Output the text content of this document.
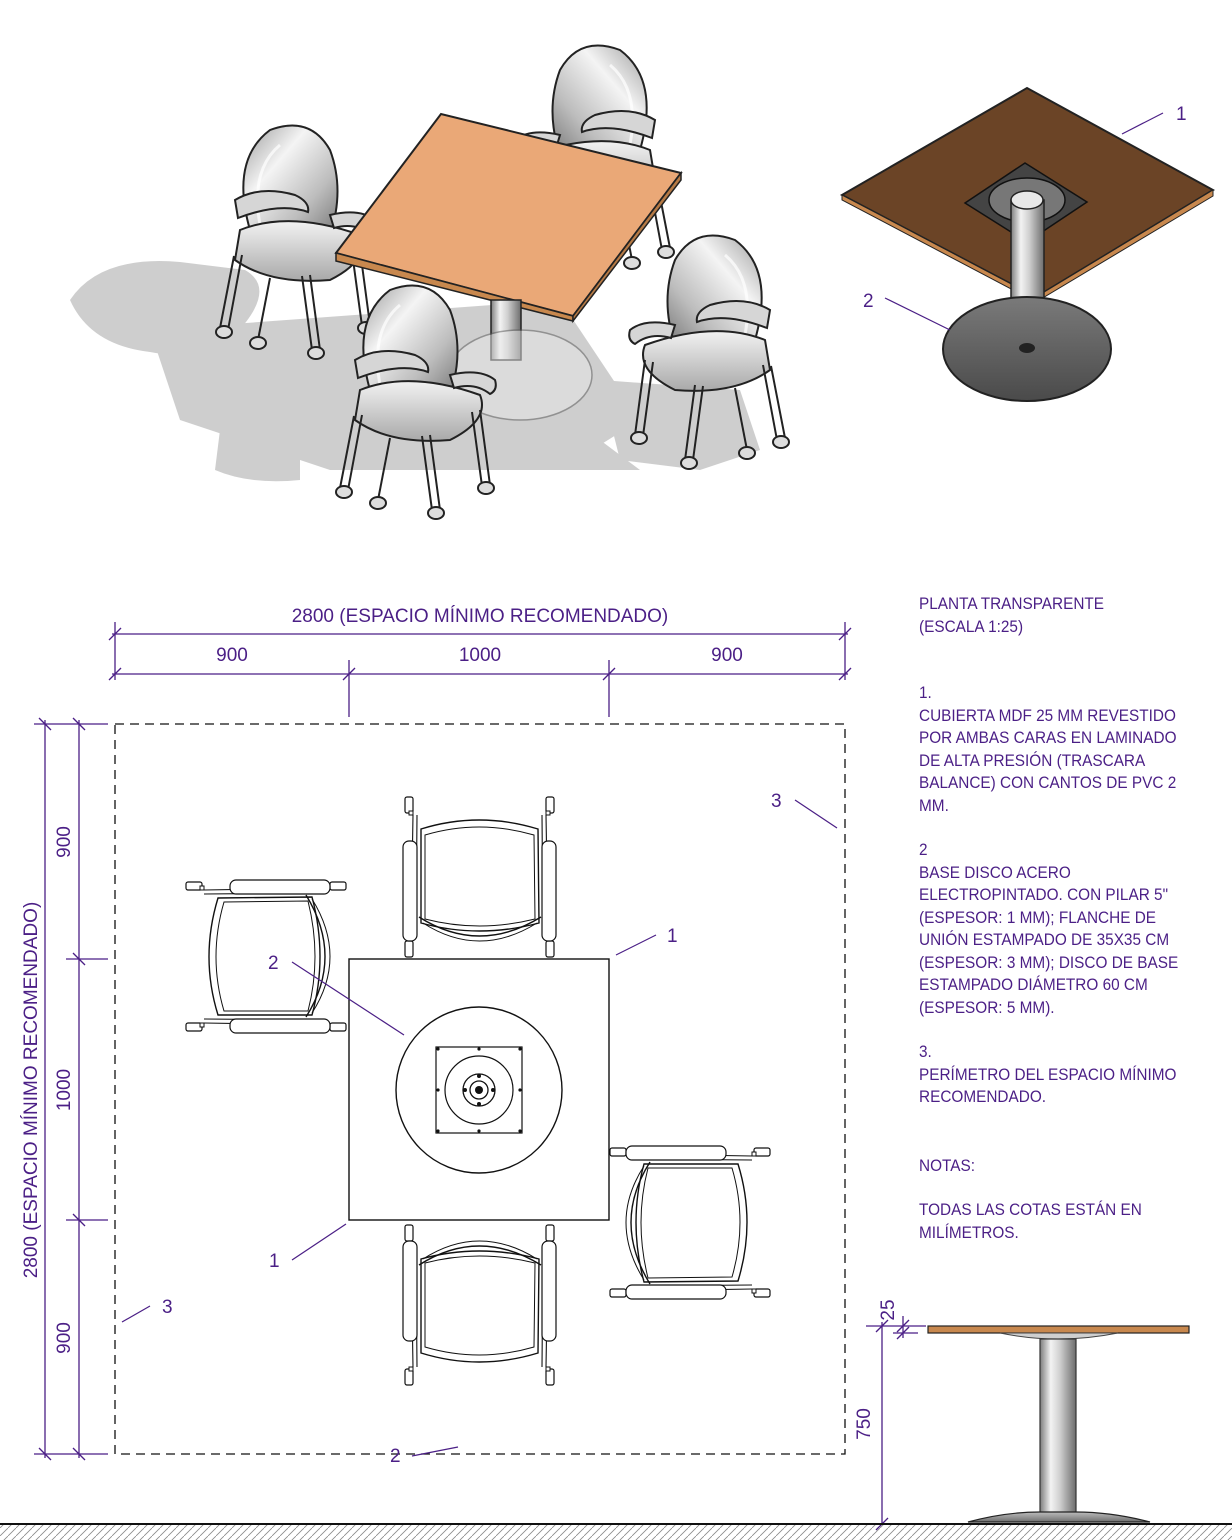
1
2
2800 (ESPACIO MÍNIMO RECOMENDADO)
900	1000	900
2800 (ESPACIO MÍNIMO RECOMENDADO)
900
1000
900
1
2
3
1
3
2
25
750

PLANTA TRANSPARENTE

(ESCALA 1:25)

1.

CUBIERTA MDF 25 MM REVESTIDO POR AMBAS CARAS EN LAMINADO DE ALTA PRESIÓN (TRASCARA BALANCE) CON CANTOS DE PVC 2 MM.

2

BASE DISCO ACERO ELECTROPINTADO. CON PILAR 5" (ESPESOR: 1 MM); FLANCHE DE UNIÓN ESTAMPADO DE 35X35 CM (ESPESOR: 3 MM); DISCO DE BASE ESTAMPADO DIÁMETRO 60 CM (ESPESOR: 5 MM).

3.

PERÍMETRO DEL ESPACIO MÍNIMO RECOMENDADO.

NOTAS:

TODAS LAS COTAS ESTÁN EN MILÍMETROS.
